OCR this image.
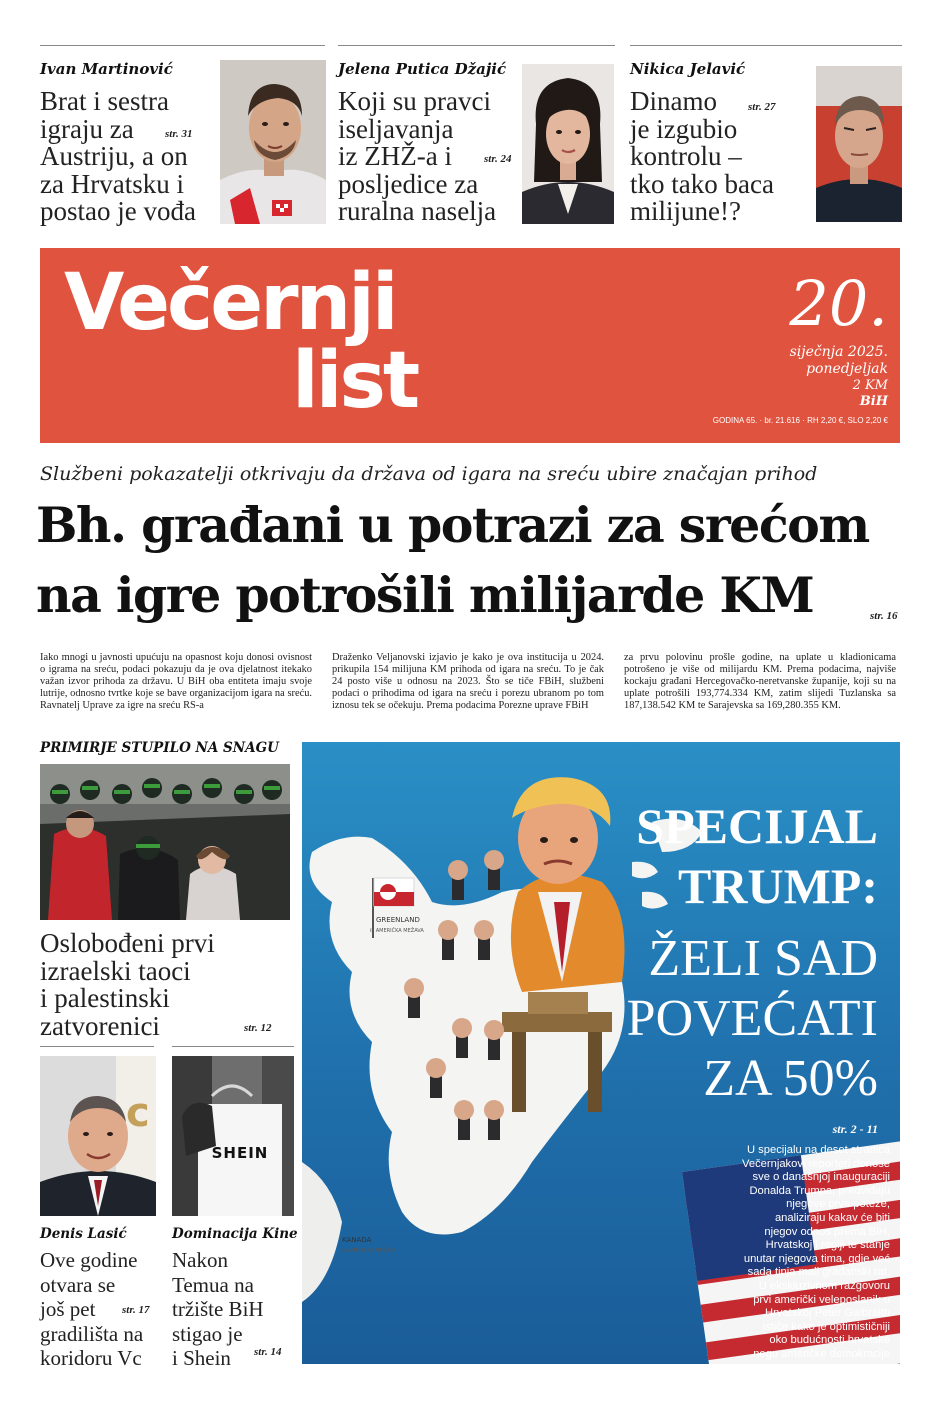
Ivan Martinović
Brat i sestra
igraju za
Austriju, a on
za Hrvatsku i
postao je vođa
str. 31
Jelena Putica Džajić
Koji su pravci
iseljavanja
iz ZHŽ-a i
posljedice za
ruralna naselja
str. 24
Nikica Jelavić
Dinamo
je izgubio
kontrolu –
tko tako baca
milijune!?
str. 27
Večernji
list
20.
siječnja 2025.
ponedjeljak
2 KM
BiH
GODINA 65. · br. 21.616 · RH 2,20 €, SLO 2,20 €
Službeni pokazatelji otkrivaju da država od igara na sreću ubire značajan prihod
Bh. građani u potrazi za srećom
na igre potrošili milijarde KM	str. 16
Iako mnogi u javnosti upućuju na opasnost koju donosi ovisnost o igrama na sreću, podaci pokazuju da je ova djelatnost itekako važan izvor prihoda za državu. U BiH oba entiteta imaju svoje lutrije, odnosno tvrtke koje se bave organizacijom igara na sreću. Ravnatelj Uprave za igre na sreću RS-a
Draženko Veljanovski izjavio je kako je ova institucija u 2024. prikupila 154 milijuna KM prihoda od igara na sreću. To je čak 24 posto više u odnosu na 2023. Što se tiče FBiH, službeni podaci o prihodima od igara na sreću i porezu ubranom po tom iznosu tek se očekuju. Prema podacima Porezne uprave FBiH
za prvu polovinu prošle godine, na uplate u kladionicama potrošeno je više od milijardu KM. Prema podacima, najviše kockaju građani Hercegovačko-neretvanske županije, koji su na uplate potrošili 193,774.334 KM, zatim slijedi Tuzlanska sa 187,138.542 KM te Sarajevska sa 169,280.355 KM.
PRIMIRJE STUPILO NA SNAGU
Oslobođeni prvi
izraelski taoci
i palestinski
zatvorenici	str. 12
c
Denis Lasić
Ove godine
otvara se
još pet
gradilišta na
koridoru Vc
str. 17
SHEIN
Dominacija Kine
Nakon
Temua na
tržište BiH
stigao je
i Shein	str. 14
GREENLAND
ili AMERIČKA MEŽAVA
KANADA
ili AMERIČKA MEŽAVA
SPECIJAL
TRUMP:
ŽELI SAD
POVEĆATI
ZA 50%
str. 2 - 11
U specijalu na deset stranica Večernjakovi reporteri donose sve o današnjoj inauguraciji Donalda Trumpa, predviđaju njegove prve poteze, analiziraju kakav će biti njegov odnos prema BiH, Hrvatskoj i regiji te stanje unutar njegova tima, gdje već sada tinja mali građanski rat. U ekskluzivnom razgovoru prvi američki veleposlanik u Hrvatskoj Peter Galbraith ističe kako je optimističniji oko budućnosti hrvatske nego američke demokracije
